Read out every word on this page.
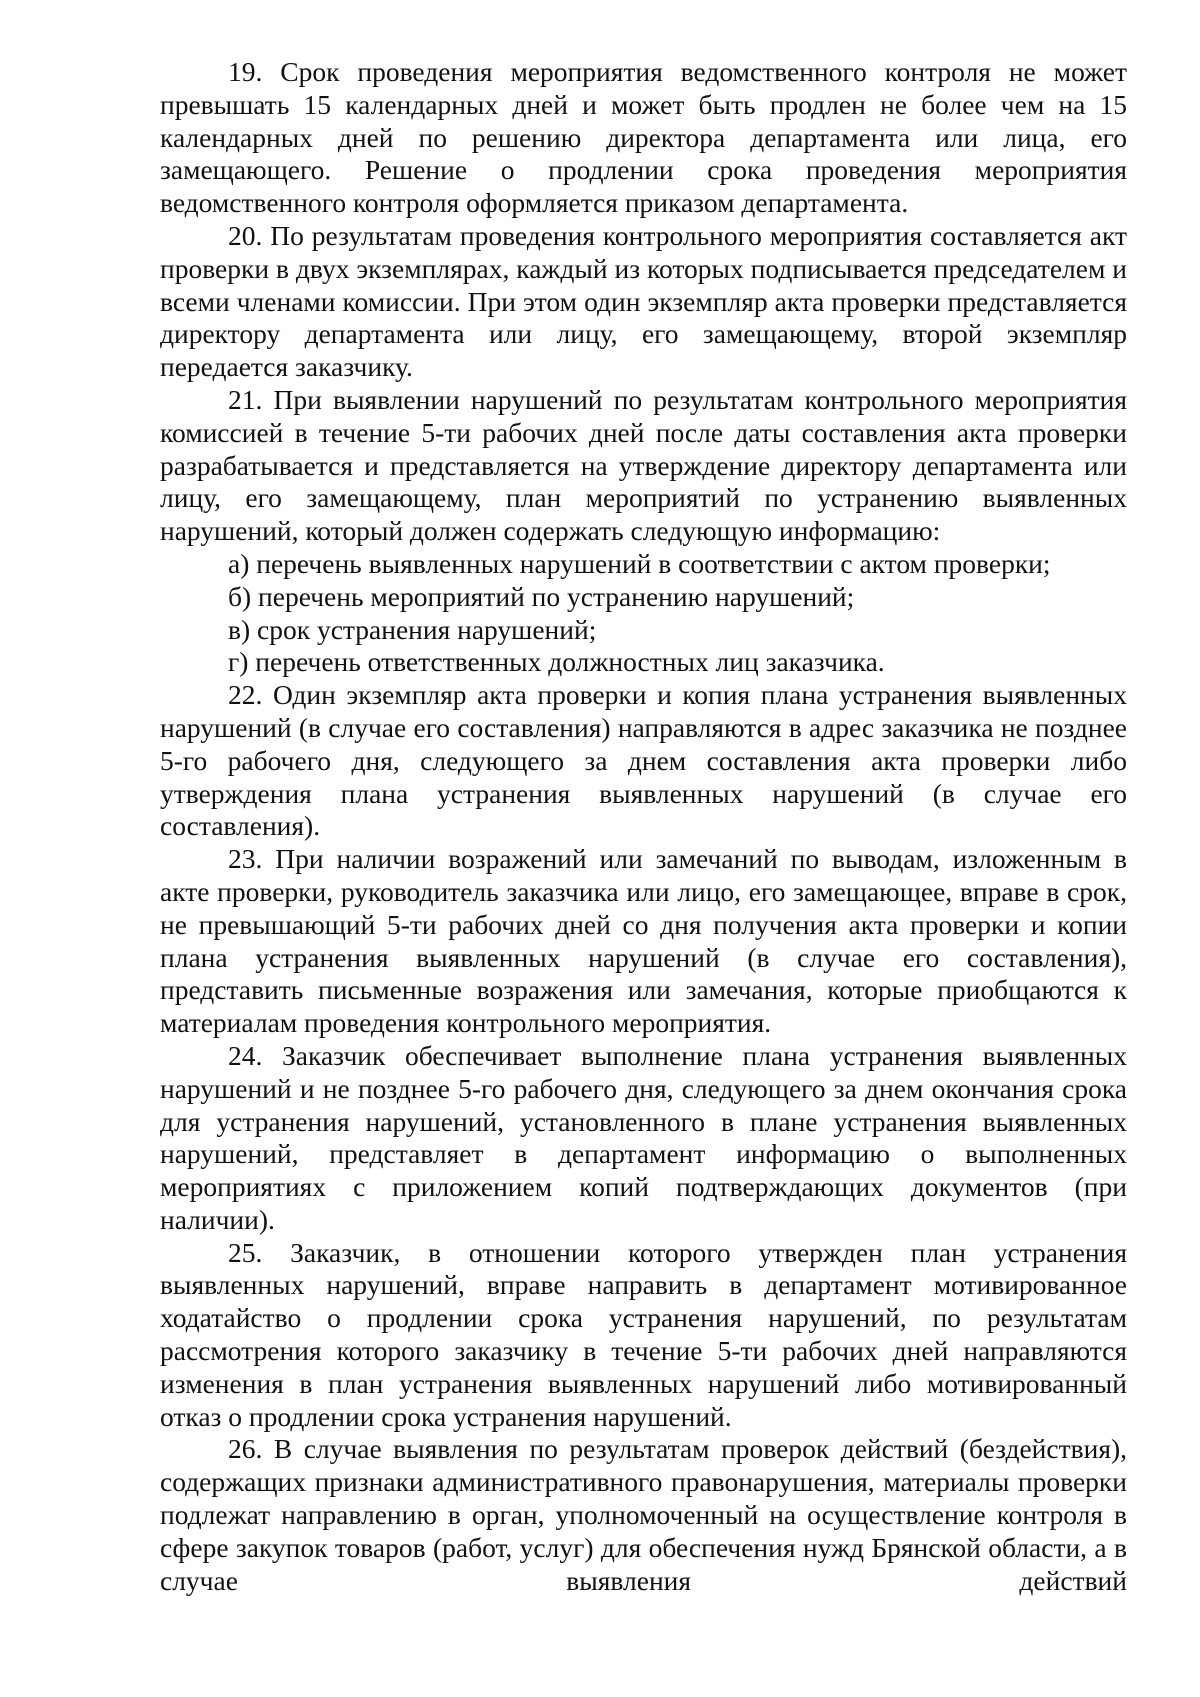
19. Срок проведения мероприятия ведомственного контроля не может превышать 15 календарных дней и может быть продлен не более чем на 15 календарных дней по решению директора департамента или лица, его замещающего. Решение о продлении срока проведения мероприятия ведомственного контроля оформляется приказом департамента.

20. По результатам проведения контрольного мероприятия составляется акт проверки в двух экземплярах, каждый из которых подписывается председателем и всеми членами комиссии. При этом один экземпляр акта проверки представляется директору департамента или лицу, его замещающему, второй экземпляр передается заказчику.

21. При выявлении нарушений по результатам контрольного мероприятия комиссией в течение 5-ти рабочих дней после даты составления акта проверки разрабатывается и представляется на утверждение директору департамента или лицу, его замещающему, план мероприятий по устранению выявленных нарушений, который должен содержать следующую информацию:

а) перечень выявленных нарушений в соответствии с актом проверки;

б) перечень мероприятий по устранению нарушений;

в) срок устранения нарушений;

г) перечень ответственных должностных лиц заказчика.

22. Один экземпляр акта проверки и копия плана устранения выявленных нарушений (в случае его составления) направляются в адрес заказчика не позднее 5-го рабочего дня, следующего за днем составления акта проверки либо утверждения плана устранения выявленных нарушений (в случае его составления).

23. При наличии возражений или замечаний по выводам, изложенным в акте проверки, руководитель заказчика или лицо, его замещающее, вправе в срок, не превышающий 5-ти рабочих дней со дня получения акта проверки и копии плана устранения выявленных нарушений (в случае его составления), представить письменные возражения или замечания, которые приобщаются к материалам проведения контрольного мероприятия.

24. Заказчик обеспечивает выполнение плана устранения выявленных нарушений и не позднее 5-го рабочего дня, следующего за днем окончания срока для устранения нарушений, установленного в плане устранения выявленных нарушений, представляет в департамент информацию о выполненных мероприятиях с приложением копий подтверждающих документов (при наличии).

25. Заказчик, в отношении которого утвержден план устранения выявленных нарушений, вправе направить в департамент мотивированное ходатайство о продлении срока устранения нарушений, по результатам рассмотрения которого заказчику в течение 5-ти рабочих дней направляются изменения в план устранения выявленных нарушений либо мотивированный отказ о продлении срока устранения нарушений.

26. В случае выявления по результатам проверок действий (бездействия), содержащих признаки административного правонарушения, материалы проверки подлежат направлению в орган, уполномоченный на осуществление контроля в сфере закупок товаров (работ, услуг) для обеспечения нужд Брянской области, а в случае выявления действий
